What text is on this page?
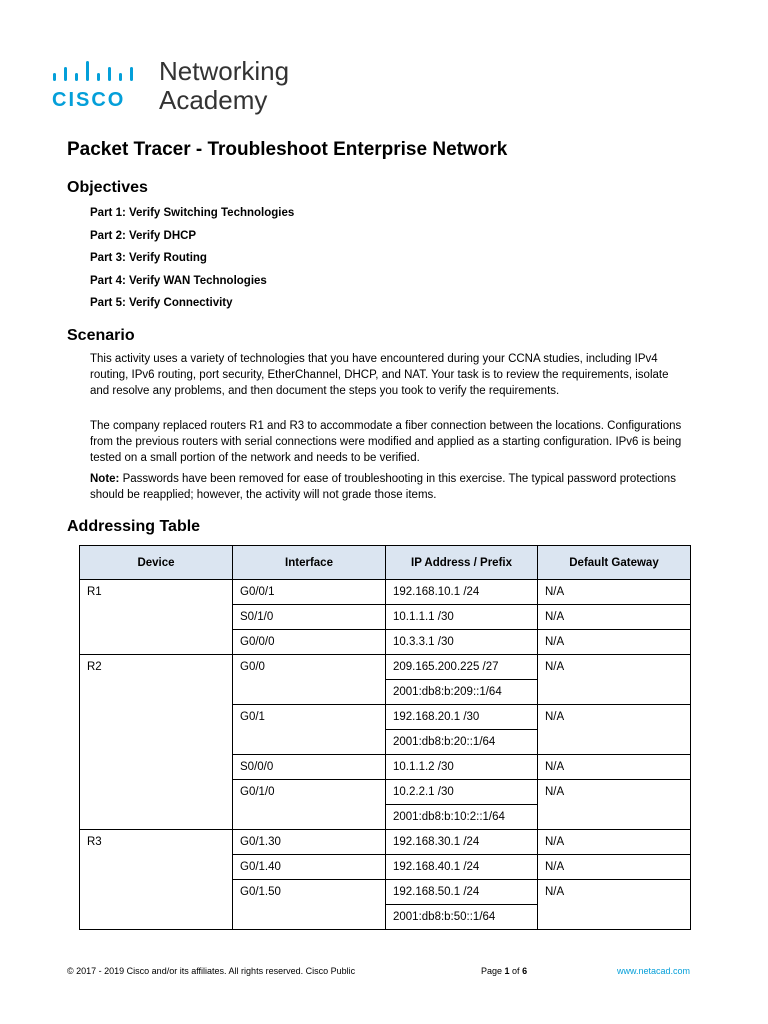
CISCO
Networking
Academy
Packet Tracer - Troubleshoot Enterprise Network
Objectives
Part 1: Verify Switching Technologies
Part 2: Verify DHCP
Part 3: Verify Routing
Part 4: Verify WAN Technologies
Part 5: Verify Connectivity
Scenario

This activity uses a variety of technologies that you have encountered during your CCNA studies, including IPv4 routing, IPv6 routing, port security, EtherChannel, DHCP, and NAT. Your task is to review the requirements, isolate and resolve any problems, and then document the steps you took to verify the requirements.

The company replaced routers R1 and R3 to accommodate a fiber connection between the locations. Configurations from the previous routers with serial connections were modified and applied as a starting configuration. IPv6 is being tested on a small portion of the network and needs to be verified.

Note: Passwords have been removed for ease of troubleshooting in this exercise. The typical password protections should be reapplied; however, the activity will not grade those items.

Addressing Table
Device	Interface	IP Address / Prefix	Default Gateway
R1	G0/0/1	192.168.10.1 /24	N/A
	S0/1/0	10.1.1.1 /30	N/A
	G0/0/0	10.3.3.1 /30	N/A
R2	G0/0	209.165.200.225 /27	N/A
		2001:db8:b:209::1/64	
	G0/1	192.168.20.1 /30	N/A
		2001:db8:b:20::1/64	
	S0/0/0	10.1.1.2 /30	N/A
	G0/1/0	10.2.2.1 /30	N/A
		2001:db8:b:10:2::1/64	
R3	G0/1.30	192.168.30.1 /24	N/A
	G0/1.40	192.168.40.1 /24	N/A
	G0/1.50	192.168.50.1 /24	N/A
		2001:db8:b:50::1/64	
© 2017 - 2019 Cisco and/or its affiliates. All rights reserved. Cisco Public	Page 1 of 6	www.netacad.com
